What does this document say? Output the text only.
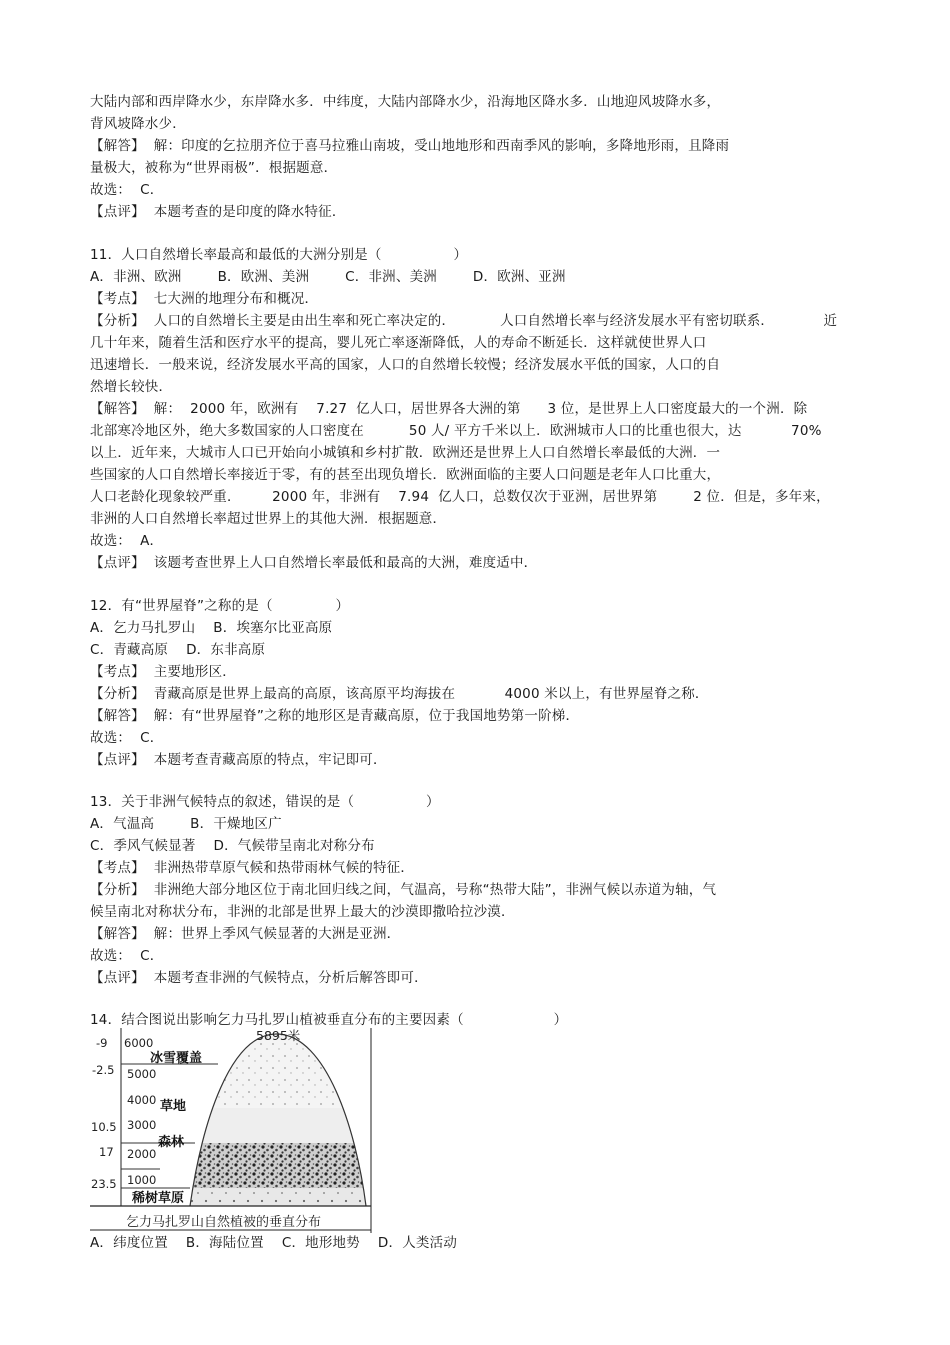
大陆内部和西岸降水少，东岸降水多．中纬度，大陆内部降水少，沿海地区降水多．山地迎风坡降水多，
背风坡降水少．
【解答】  解：印度的乞拉朋齐位于喜马拉雅山南坡，受山地地形和西南季风的影响，多降地形雨，且降雨
量极大，被称为“世界雨极”．根据题意．
故选：  C．
【点评】  本题考查的是印度的降水特征．
11．人口自然增长率最高和最低的大洲分别是（                ）
A．非洲、欧洲        B．欧洲、美洲        C．非洲、美洲        D．欧洲、亚洲
【考点】  七大洲的地理分布和概况．
【分析】  人口的自然增长主要是由出生率和死亡率决定的．          人口自然增长率与经济发展水平有密切联系．           近
几十年来，随着生活和医疗水平的提高，婴儿死亡率逐渐降低，人的寿命不断延长．这样就使世界人口
迅速增长．一般来说，经济发展水平高的国家，人口的自然增长较慢；经济发展水平低的国家，人口的自
然增长较快．
【解答】  解：  2000 年，欧洲有    7.27  亿人口，居世界各大洲的第      3 位，是世界上人口密度最大的一个洲．除
北部寒冷地区外，绝大多数国家的人口密度在          50 人/ 平方千米以上．欧洲城市人口的比重也很大，达           70%
以上．近年来，大城市人口已开始向小城镇和乡村扩散．欧洲还是世界上人口自然增长率最低的大洲．一
些国家的人口自然增长率接近于零，有的甚至出现负增长．欧洲面临的主要人口问题是老年人口比重大，
人口老龄化现象较严重．       2000 年，非洲有    7.94  亿人口，总数仅次于亚洲，居世界第        2 位．但是，多年来，
非洲的人口自然增长率超过世界上的其他大洲．根据题意．
故选：  A．
【点评】  该题考查世界上人口自然增长率最低和最高的大洲，难度适中．
12．有“世界屋脊”之称的是（              ）
A．乞力马扎罗山    B．埃塞尔比亚高原
C．青藏高原    D．东非高原
【考点】  主要地形区．
【分析】  青藏高原是世界上最高的高原，该高原平均海拔在           4000 米以上，有世界屋脊之称．
【解答】  解：有“世界屋脊”之称的地形区是青藏高原，位于我国地势第一阶梯．
故选：  C．
【点评】  本题考查青藏高原的特点，牢记即可．
13．关于非洲气候特点的叙述，错误的是（                ）
A．气温高        B．干燥地区广
C．季风气候显著    D．气候带呈南北对称分布
【考点】  非洲热带草原气候和热带雨林气候的特征．
【分析】  非洲绝大部分地区位于南北回归线之间，气温高，号称“热带大陆”，非洲气候以赤道为轴，气
候呈南北对称状分布，非洲的北部是世界上最大的沙漠即撒哈拉沙漠．
【解答】  解：世界上季风气候显著的大洲是亚洲．
故选：  C．
【点评】  本题考查非洲的气候特点，分析后解答即可．
14．结合图说出影响乞力马扎罗山植被垂直分布的主要因素（                    ）
-9
-2.5
10.5
17
23.5
6000
5000
4000
3000
2000
1000
冰雪覆盖
草地
森林
稀树草原
5895米
乞力马扎罗山自然植被的垂直分布
A．纬度位置    B．海陆位置    C．地形地势    D．人类活动
